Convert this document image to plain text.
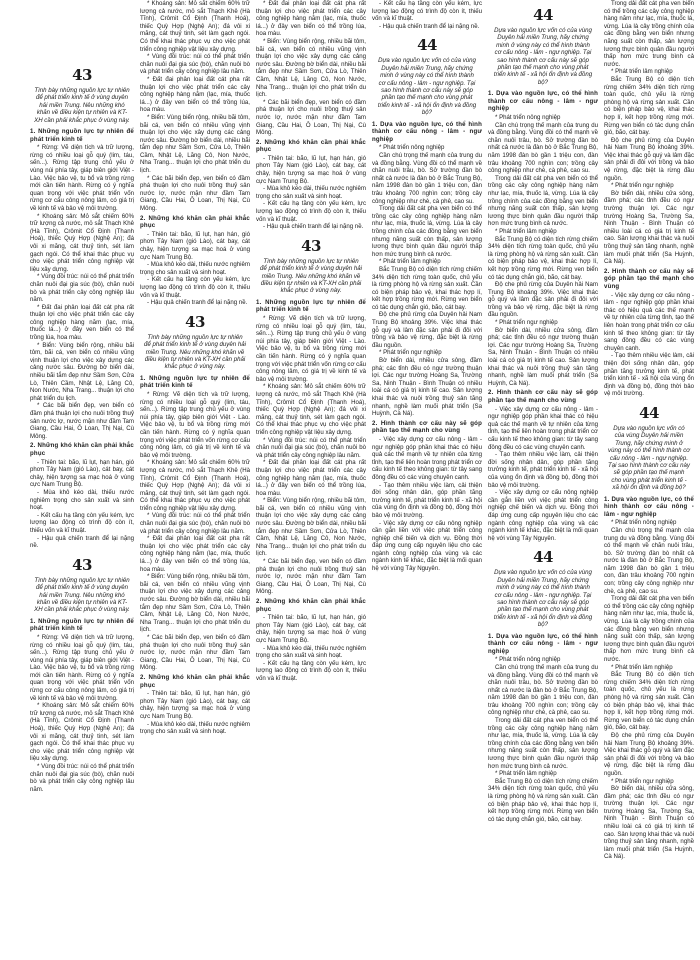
43
Tình bày những nguồn lực tự nhiên để phát triển kinh tế ở vùng duyên hải miền Trung. Nêu những khó khăn về điều kiện tự nhiên và KT-XH cần phải khắc phục ở vùng này.
1. Những nguồn lực tự nhiên để phát triển kinh tế

* Rừng: Vẽ diện tích và trữ lượng, rừng có nhiều loại gỗ quý (lim, táu, sến...). Rừng tập trung chủ yếu ở vùng núi phía tây, giáp biên giới Việt - Lào. Việc bảo vệ, tu bổ và trồng rừng mới cần tiến hành. Rừng có ý nghĩa quan trọng với việc phát triển vốn rừng cơ cấu công nông lâm, có giá trị về kinh tế và bảo vệ môi trường.

* Khoáng sản: Mỏ sắt chiếm 60% trữ lượng cả nước, mỏ sắt Thạch Khê (Hà Tĩnh), Crômit Cổ Định (Thanh Hoá), thiếc Quỳ Hợp (Nghệ An); đá vôi xi măng, cát thuỷ tinh, sét làm gạch ngói. Có thể khai thác phục vụ cho việc phát triển công nghiệp vật liệu xây dựng.

* Vùng đồi trúc: núi có thể phát triển chăn nuôi đại gia súc (bò), chăn nuôi bò và phát triển cây công nghiệp lâu năm.

* Đất đai phân loại đất cát pha rất thuận lợi cho việc phát triển các cây công nghiệp hàng năm (lạc, mía, thuốc lá...) ở đây ven biển có thể trồng lúa, hoa màu.

* Biển: Vùng biển rộng, nhiều bãi tôm, bãi cá, ven biển có nhiều vũng vịnh thuận lợi cho việc xây dựng các cảng nước sâu. Đường bờ biển dài, nhiều bãi tắm đẹp như Sầm Sơn, Cửa Lò, Thiên Cầm, Nhật Lệ, Lăng Cô, Non Nước, Nha Trang... thuận lợi cho phát triển du lịch.

* Các bãi biển đẹp, ven biển có đầm phá thuận lợi cho nuôi trồng thuỷ sản nước lợ, nước mặn như đầm Tam Giang, Cầu Hai, Ô Loan, Thị Nại, Cù Mông.

2. Những khó khăn cần phải khắc phục

- Thiên tai: bão, lũ lụt, hạn hán, gió phơn Tây Nam (gió Lào), cát bay, cát chảy, hiện tượng sa mạc hoá ở vùng cực Nam Trung Bộ.

- Mùa khô kéo dài, thiếu nước nghiêm trọng cho sản xuất và sinh hoạt.

- Kết cấu hạ tầng còn yếu kém, lực lượng lao động có trình độ còn ít, thiếu vốn và kĩ thuật.

- Hậu quả chiến tranh để lại nặng nề.

43
Tình bày những nguồn lực tự nhiên để phát triển kinh tế ở vùng duyên hải miền Trung. Nêu những khó khăn về điều kiện tự nhiên và KT-XH cần phải khắc phục ở vùng này.
1. Những nguồn lực tự nhiên để phát triển kinh tế

* Rừng: Vẽ diện tích và trữ lượng, rừng có nhiều loại gỗ quý (lim, táu, sến...). Rừng tập trung chủ yếu ở vùng núi phía tây, giáp biên giới Việt - Lào. Việc bảo vệ, tu bổ và trồng rừng mới cần tiến hành. Rừng có ý nghĩa quan trọng với việc phát triển vốn rừng cơ cấu công nông lâm, có giá trị về kinh tế và bảo vệ môi trường.

* Khoáng sản: Mỏ sắt chiếm 60% trữ lượng cả nước, mỏ sắt Thạch Khê (Hà Tĩnh), Crômit Cổ Định (Thanh Hoá), thiếc Quỳ Hợp (Nghệ An); đá vôi xi măng, cát thuỷ tinh, sét làm gạch ngói. Có thể khai thác phục vụ cho việc phát triển công nghiệp vật liệu xây dựng.

* Vùng đồi trúc: núi có thể phát triển chăn nuôi đại gia súc (bò), chăn nuôi bò và phát triển cây công nghiệp lâu năm.

* Khoáng sản: Mỏ sắt chiếm 60% trữ lượng cả nước, mỏ sắt Thạch Khê (Hà Tĩnh), Crômit Cổ Định (Thanh Hoá), thiếc Quỳ Hợp (Nghệ An); đá vôi xi măng, cát thuỷ tinh, sét làm gạch ngói. Có thể khai thác phục vụ cho việc phát triển công nghiệp vật liệu xây dựng.

* Vùng đồi trúc: núi có thể phát triển chăn nuôi đại gia súc (bò), chăn nuôi bò và phát triển cây công nghiệp lâu năm.

* Đất đai phân loại đất cát pha rất thuận lợi cho việc phát triển các cây công nghiệp hàng năm (lạc, mía, thuốc lá...) ở đây ven biển có thể trồng lúa, hoa màu.

* Biển: Vùng biển rộng, nhiều bãi tôm, bãi cá, ven biển có nhiều vũng vịnh thuận lợi cho việc xây dựng các cảng nước sâu. Đường bờ biển dài, nhiều bãi tắm đẹp như Sầm Sơn, Cửa Lò, Thiên Cầm, Nhật Lệ, Lăng Cô, Non Nước, Nha Trang... thuận lợi cho phát triển du lịch.

* Các bãi biển đẹp, ven biển có đầm phá thuận lợi cho nuôi trồng thuỷ sản nước lợ, nước mặn như đầm Tam Giang, Cầu Hai, Ô Loan, Thị Nại, Cù Mông.

2. Những khó khăn cần phải khắc phục

- Thiên tai: bão, lũ lụt, hạn hán, gió phơn Tây Nam (gió Lào), cát bay, cát chảy, hiện tượng sa mạc hoá ở vùng cực Nam Trung Bộ.

- Mùa khô kéo dài, thiếu nước nghiêm trọng cho sản xuất và sinh hoạt.

- Kết cấu hạ tầng còn yếu kém, lực lượng lao động có trình độ còn ít, thiếu vốn và kĩ thuật.

- Hậu quả chiến tranh để lại nặng nề.

43
Tình bày những nguồn lực tự nhiên để phát triển kinh tế ở vùng duyên hải miền Trung. Nêu những khó khăn về điều kiện tự nhiên và KT-XH cần phải khắc phục ở vùng này.
1. Những nguồn lực tự nhiên để phát triển kinh tế

* Rừng: Vẽ diện tích và trữ lượng, rừng có nhiều loại gỗ quý (lim, táu, sến...). Rừng tập trung chủ yếu ở vùng núi phía tây, giáp biên giới Việt - Lào. Việc bảo vệ, tu bổ và trồng rừng mới cần tiến hành. Rừng có ý nghĩa quan trọng với việc phát triển vốn rừng cơ cấu công nông lâm, có giá trị về kinh tế và bảo vệ môi trường.

* Khoáng sản: Mỏ sắt chiếm 60% trữ lượng cả nước, mỏ sắt Thạch Khê (Hà Tĩnh), Crômit Cổ Định (Thanh Hoá), thiếc Quỳ Hợp (Nghệ An); đá vôi xi măng, cát thuỷ tinh, sét làm gạch ngói. Có thể khai thác phục vụ cho việc phát triển công nghiệp vật liệu xây dựng.

* Vùng đồi trúc: núi có thể phát triển chăn nuôi đại gia súc (bò), chăn nuôi bò và phát triển cây công nghiệp lâu năm.

* Đất đai phân loại đất cát pha rất thuận lợi cho việc phát triển các cây công nghiệp hàng năm (lạc, mía, thuốc lá...) ở đây ven biển có thể trồng lúa, hoa màu.

* Biển: Vùng biển rộng, nhiều bãi tôm, bãi cá, ven biển có nhiều vũng vịnh thuận lợi cho việc xây dựng các cảng nước sâu. Đường bờ biển dài, nhiều bãi tắm đẹp như Sầm Sơn, Cửa Lò, Thiên Cầm, Nhật Lệ, Lăng Cô, Non Nước, Nha Trang... thuận lợi cho phát triển du lịch.

* Các bãi biển đẹp, ven biển có đầm phá thuận lợi cho nuôi trồng thuỷ sản nước lợ, nước mặn như đầm Tam Giang, Cầu Hai, Ô Loan, Thị Nại, Cù Mông.

2. Những khó khăn cần phải khắc phục

- Thiên tai: bão, lũ lụt, hạn hán, gió phơn Tây Nam (gió Lào), cát bay, cát chảy, hiện tượng sa mạc hoá ở vùng cực Nam Trung Bộ.

- Mùa khô kéo dài, thiếu nước nghiêm trọng cho sản xuất và sinh hoạt.

* Đất đai phân loại đất cát pha rất thuận lợi cho việc phát triển các cây công nghiệp hàng năm (lạc, mía, thuốc lá...) ở đây ven biển có thể trồng lúa, hoa màu.

* Biển: Vùng biển rộng, nhiều bãi tôm, bãi cá, ven biển có nhiều vũng vịnh thuận lợi cho việc xây dựng các cảng nước sâu. Đường bờ biển dài, nhiều bãi tắm đẹp như Sầm Sơn, Cửa Lò, Thiên Cầm, Nhật Lệ, Lăng Cô, Non Nước, Nha Trang... thuận lợi cho phát triển du lịch.

* Các bãi biển đẹp, ven biển có đầm phá thuận lợi cho nuôi trồng thuỷ sản nước lợ, nước mặn như đầm Tam Giang, Cầu Hai, Ô Loan, Thị Nại, Cù Mông.

2. Những khó khăn cần phải khắc phục

- Thiên tai: bão, lũ lụt, hạn hán, gió phơn Tây Nam (gió Lào), cát bay, cát chảy, hiện tượng sa mạc hoá ở vùng cực Nam Trung Bộ.

- Mùa khô kéo dài, thiếu nước nghiêm trọng cho sản xuất và sinh hoạt.

- Kết cấu hạ tầng còn yếu kém, lực lượng lao động có trình độ còn ít, thiếu vốn và kĩ thuật.

- Hậu quả chiến tranh để lại nặng nề.

43
Tình bày những nguồn lực tự nhiên để phát triển kinh tế ở vùng duyên hải miền Trung. Nêu những khó khăn về điều kiện tự nhiên và KT-XH cần phải khắc phục ở vùng này.
1. Những nguồn lực tự nhiên để phát triển kinh tế

* Rừng: Vẽ diện tích và trữ lượng, rừng có nhiều loại gỗ quý (lim, táu, sến...). Rừng tập trung chủ yếu ở vùng núi phía tây, giáp biên giới Việt - Lào. Việc bảo vệ, tu bổ và trồng rừng mới cần tiến hành. Rừng có ý nghĩa quan trọng với việc phát triển vốn rừng cơ cấu công nông lâm, có giá trị về kinh tế và bảo vệ môi trường.

* Khoáng sản: Mỏ sắt chiếm 60% trữ lượng cả nước, mỏ sắt Thạch Khê (Hà Tĩnh), Crômit Cổ Định (Thanh Hoá), thiếc Quỳ Hợp (Nghệ An); đá vôi xi măng, cát thuỷ tinh, sét làm gạch ngói. Có thể khai thác phục vụ cho việc phát triển công nghiệp vật liệu xây dựng.

* Vùng đồi trúc: núi có thể phát triển chăn nuôi đại gia súc (bò), chăn nuôi bò và phát triển cây công nghiệp lâu năm.

* Đất đai phân loại đất cát pha rất thuận lợi cho việc phát triển các cây công nghiệp hàng năm (lạc, mía, thuốc lá...) ở đây ven biển có thể trồng lúa, hoa màu.

* Biển: Vùng biển rộng, nhiều bãi tôm, bãi cá, ven biển có nhiều vũng vịnh thuận lợi cho việc xây dựng các cảng nước sâu. Đường bờ biển dài, nhiều bãi tắm đẹp như Sầm Sơn, Cửa Lò, Thiên Cầm, Nhật Lệ, Lăng Cô, Non Nước, Nha Trang... thuận lợi cho phát triển du lịch.

* Các bãi biển đẹp, ven biển có đầm phá thuận lợi cho nuôi trồng thuỷ sản nước lợ, nước mặn như đầm Tam Giang, Cầu Hai, Ô Loan, Thị Nại, Cù Mông.

2. Những khó khăn cần phải khắc phục

- Thiên tai: bão, lũ lụt, hạn hán, gió phơn Tây Nam (gió Lào), cát bay, cát chảy, hiện tượng sa mạc hoá ở vùng cực Nam Trung Bộ.

- Mùa khô kéo dài, thiếu nước nghiêm trọng cho sản xuất và sinh hoạt.

- Kết cấu hạ tầng còn yếu kém, lực lượng lao động có trình độ còn ít, thiếu vốn và kĩ thuật.

- Kết cấu hạ tầng còn yếu kém, lực lượng lao động có trình độ còn ít, thiếu vốn và kĩ thuật.

- Hậu quả chiến tranh để lại nặng nề.

44
Dựa vào nguồn lực vốn có của vùng Duyên hải miền Trung, hãy chứng minh ở vùng này có thể hình thành cơ cấu nông - lâm - ngư nghiệp. Tại sao hình thành cơ cấu này sẽ góp phần tạo thế mạnh cho vùng phát triển kinh tế - xã hội ổn định và đồng bộ?
1. Dựa vào nguồn lực, có thể hình thành cơ cấu nông - lâm - ngư nghiệp

* Phát triển nông nghiệp

Cần chú trọng thế mạnh của trung du và đồng bằng. Vùng đồi có thể mạnh về chăn nuôi trâu, bò. Sở trường đàn bò nhất cả nước là đàn bò ở Bắc Trung Bộ, năm 1998 đàn bò gần 1 triệu con, đàn trâu khoảng 700 nghìn con; trồng cây công nghiệp như chè, cà phê, cao su.

Trong dải đất cát pha ven biển có thể trồng các cây công nghiệp hàng năm như lạc, mía, thuốc lá, vừng. Lúa là cây trồng chính của các đồng bằng ven biển nhưng năng suất còn thấp, sản lượng lương thực bình quân đầu người thấp hơn mức trung bình cả nước.

* Phát triển lâm nghiệp

Bắc Trung Bộ có diện tích rừng chiếm 34% diện tích rừng toàn quốc, chủ yếu là rừng phòng hộ và rừng sản xuất. Cần có biện pháp bảo vệ, khai thác hợp lí, kết hợp trồng rừng mới. Rừng ven biển có tác dụng chắn gió, bão, cát bay.

Độ che phủ rừng của Duyên hải Nam Trung Bộ khoảng 39%. Việc khai thác gỗ quý và lâm đặc sản phải đi đôi với trồng và bảo vệ rừng, đặc biệt là rừng đầu nguồn.

* Phát triển ngư nghiệp

Bờ biển dài, nhiều cửa sông, đầm phá; các tỉnh đều có ngư trường thuận lợi. Các ngư trường Hoàng Sa, Trường Sa, Ninh Thuận - Bình Thuận có nhiều loài cá có giá trị kinh tế cao. Sản lượng khai thác và nuôi trồng thuỷ sản tăng nhanh, nghề làm muối phát triển (Sa Huỳnh, Cà Ná).

2. Hình thành cơ cấu này sẽ góp phần tạo thế mạnh cho vùng

- Việc xây dựng cơ cấu nông - lâm - ngư nghiệp góp phần khai thác có hiệu quả các thế mạnh về tự nhiên của từng tỉnh, tạo thế liên hoàn trong phát triển cơ cấu kinh tế theo không gian: từ tây sang đông đều có các vùng chuyên canh.

- Tạo thêm nhiều việc làm, cải thiện đời sống nhân dân, góp phần tăng trưởng kinh tế, phát triển kinh tế - xã hội của vùng ổn định và đồng bộ, đồng thời bảo vệ môi trường.

- Việc xây dựng cơ cấu nông nghiệp cần gắn liền với việc phát triển công nghiệp chế biến và dịch vụ. Đồng thời đáp ứng cung cấp nguyên liệu cho các ngành công nghiệp của vùng và các ngành kinh tế khác, đặc biệt là mối quan hệ với vùng Tây Nguyên.

44
Dựa vào nguồn lực vốn có của vùng Duyên hải miền Trung, hãy chứng minh ở vùng này có thể hình thành cơ cấu nông - lâm - ngư nghiệp. Tại sao hình thành cơ cấu này sẽ góp phần tạo thế mạnh cho vùng phát triển kinh tế - xã hội ổn định và đồng bộ?
1. Dựa vào nguồn lực, có thể hình thành cơ cấu nông - lâm - ngư nghiệp

* Phát triển nông nghiệp

Cần chú trọng thế mạnh của trung du và đồng bằng. Vùng đồi có thể mạnh về chăn nuôi trâu, bò. Sở trường đàn bò nhất cả nước là đàn bò ở Bắc Trung Bộ, năm 1998 đàn bò gần 1 triệu con, đàn trâu khoảng 700 nghìn con; trồng cây công nghiệp như chè, cà phê, cao su.

Trong dải đất cát pha ven biển có thể trồng các cây công nghiệp hàng năm như lạc, mía, thuốc lá, vừng. Lúa là cây trồng chính của các đồng bằng ven biển nhưng năng suất còn thấp, sản lượng lương thực bình quân đầu người thấp hơn mức trung bình cả nước.

* Phát triển lâm nghiệp

Bắc Trung Bộ có diện tích rừng chiếm 34% diện tích rừng toàn quốc, chủ yếu là rừng phòng hộ và rừng sản xuất. Cần có biện pháp bảo vệ, khai thác hợp lí, kết hợp trồng rừng mới. Rừng ven biển có tác dụng chắn gió, bão, cát bay.

Độ che phủ rừng của Duyên hải Nam Trung Bộ khoảng 39%. Việc khai thác gỗ quý và lâm đặc sản phải đi đôi với trồng và bảo vệ rừng, đặc biệt là rừng đầu nguồn.

* Phát triển ngư nghiệp

Bờ biển dài, nhiều cửa sông, đầm phá; các tỉnh đều có ngư trường thuận lợi. Các ngư trường Hoàng Sa, Trường Sa, Ninh Thuận - Bình Thuận có nhiều loài cá có giá trị kinh tế cao. Sản lượng khai thác và nuôi trồng thuỷ sản tăng nhanh, nghề làm muối phát triển (Sa Huỳnh, Cà Ná).

2. Hình thành cơ cấu này sẽ góp phần tạo thế mạnh cho vùng

- Việc xây dựng cơ cấu nông - lâm - ngư nghiệp góp phần khai thác có hiệu quả các thế mạnh về tự nhiên của từng tỉnh, tạo thế liên hoàn trong phát triển cơ cấu kinh tế theo không gian: từ tây sang đông đều có các vùng chuyên canh.

- Tạo thêm nhiều việc làm, cải thiện đời sống nhân dân, góp phần tăng trưởng kinh tế, phát triển kinh tế - xã hội của vùng ổn định và đồng bộ, đồng thời bảo vệ môi trường.

- Việc xây dựng cơ cấu nông nghiệp cần gắn liền với việc phát triển công nghiệp chế biến và dịch vụ. Đồng thời đáp ứng cung cấp nguyên liệu cho các ngành công nghiệp của vùng và các ngành kinh tế khác, đặc biệt là mối quan hệ với vùng Tây Nguyên.

44
Dựa vào nguồn lực vốn có của vùng Duyên hải miền Trung, hãy chứng minh ở vùng này có thể hình thành cơ cấu nông - lâm - ngư nghiệp. Tại sao hình thành cơ cấu này sẽ góp phần tạo thế mạnh cho vùng phát triển kinh tế - xã hội ổn định và đồng bộ?
1. Dựa vào nguồn lực, có thể hình thành cơ cấu nông - lâm - ngư nghiệp

* Phát triển nông nghiệp

Cần chú trọng thế mạnh của trung du và đồng bằng. Vùng đồi có thể mạnh về chăn nuôi trâu, bò. Sở trường đàn bò nhất cả nước là đàn bò ở Bắc Trung Bộ, năm 1998 đàn bò gần 1 triệu con, đàn trâu khoảng 700 nghìn con; trồng cây công nghiệp như chè, cà phê, cao su.

Trong dải đất cát pha ven biển có thể trồng các cây công nghiệp hàng năm như lạc, mía, thuốc lá, vừng. Lúa là cây trồng chính của các đồng bằng ven biển nhưng năng suất còn thấp, sản lượng lương thực bình quân đầu người thấp hơn mức trung bình cả nước.

* Phát triển lâm nghiệp

Bắc Trung Bộ có diện tích rừng chiếm 34% diện tích rừng toàn quốc, chủ yếu là rừng phòng hộ và rừng sản xuất. Cần có biện pháp bảo vệ, khai thác hợp lí, kết hợp trồng rừng mới. Rừng ven biển có tác dụng chắn gió, bão, cát bay.

Trong dải đất cát pha ven biển có thể trồng các cây công nghiệp hàng năm như lạc, mía, thuốc lá, vừng. Lúa là cây trồng chính của các đồng bằng ven biển nhưng năng suất còn thấp, sản lượng lương thực bình quân đầu người thấp hơn mức trung bình cả nước.

* Phát triển lâm nghiệp

Bắc Trung Bộ có diện tích rừng chiếm 34% diện tích rừng toàn quốc, chủ yếu là rừng phòng hộ và rừng sản xuất. Cần có biện pháp bảo vệ, khai thác hợp lí, kết hợp trồng rừng mới. Rừng ven biển có tác dụng chắn gió, bão, cát bay.

Độ che phủ rừng của Duyên hải Nam Trung Bộ khoảng 39%. Việc khai thác gỗ quý và lâm đặc sản phải đi đôi với trồng và bảo vệ rừng, đặc biệt là rừng đầu nguồn.

* Phát triển ngư nghiệp

Bờ biển dài, nhiều cửa sông, đầm phá; các tỉnh đều có ngư trường thuận lợi. Các ngư trường Hoàng Sa, Trường Sa, Ninh Thuận - Bình Thuận có nhiều loài cá có giá trị kinh tế cao. Sản lượng khai thác và nuôi trồng thuỷ sản tăng nhanh, nghề làm muối phát triển (Sa Huỳnh, Cà Ná).

2. Hình thành cơ cấu này sẽ góp phần tạo thế mạnh cho vùng

- Việc xây dựng cơ cấu nông - lâm - ngư nghiệp góp phần khai thác có hiệu quả các thế mạnh về tự nhiên của từng tỉnh, tạo thế liên hoàn trong phát triển cơ cấu kinh tế theo không gian: từ tây sang đông đều có các vùng chuyên canh.

- Tạo thêm nhiều việc làm, cải thiện đời sống nhân dân, góp phần tăng trưởng kinh tế, phát triển kinh tế - xã hội của vùng ổn định và đồng bộ, đồng thời bảo vệ môi trường.

44
Dựa vào nguồn lực vốn có của vùng Duyên hải miền Trung, hãy chứng minh ở vùng này có thể hình thành cơ cấu nông - lâm - ngư nghiệp. Tại sao hình thành cơ cấu này sẽ góp phần tạo thế mạnh cho vùng phát triển kinh tế - xã hội ổn định và đồng bộ?
1. Dựa vào nguồn lực, có thể hình thành cơ cấu nông - lâm - ngư nghiệp

* Phát triển nông nghiệp

Cần chú trọng thế mạnh của trung du và đồng bằng. Vùng đồi có thể mạnh về chăn nuôi trâu, bò. Sở trường đàn bò nhất cả nước là đàn bò ở Bắc Trung Bộ, năm 1998 đàn bò gần 1 triệu con, đàn trâu khoảng 700 nghìn con; trồng cây công nghiệp như chè, cà phê, cao su.

Trong dải đất cát pha ven biển có thể trồng các cây công nghiệp hàng năm như lạc, mía, thuốc lá, vừng. Lúa là cây trồng chính của các đồng bằng ven biển nhưng năng suất còn thấp, sản lượng lương thực bình quân đầu người thấp hơn mức trung bình cả nước.

* Phát triển lâm nghiệp

Bắc Trung Bộ có diện tích rừng chiếm 34% diện tích rừng toàn quốc, chủ yếu là rừng phòng hộ và rừng sản xuất. Cần có biện pháp bảo vệ, khai thác hợp lí, kết hợp trồng rừng mới. Rừng ven biển có tác dụng chắn gió, bão, cát bay.

Độ che phủ rừng của Duyên hải Nam Trung Bộ khoảng 39%. Việc khai thác gỗ quý và lâm đặc sản phải đi đôi với trồng và bảo vệ rừng, đặc biệt là rừng đầu nguồn.

* Phát triển ngư nghiệp

Bờ biển dài, nhiều cửa sông, đầm phá; các tỉnh đều có ngư trường thuận lợi. Các ngư trường Hoàng Sa, Trường Sa, Ninh Thuận - Bình Thuận có nhiều loài cá có giá trị kinh tế cao. Sản lượng khai thác và nuôi trồng thuỷ sản tăng nhanh, nghề làm muối phát triển (Sa Huỳnh, Cà Ná).
